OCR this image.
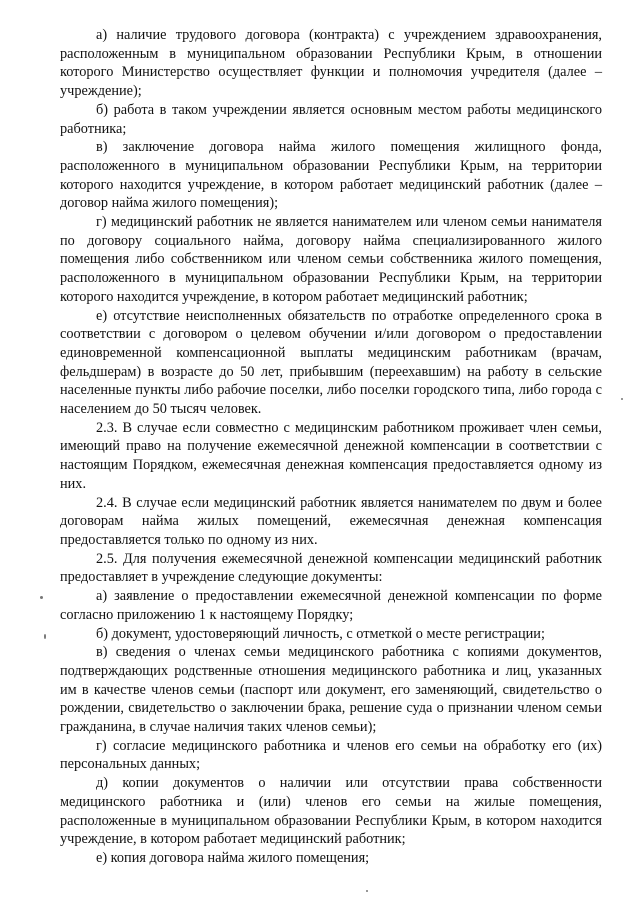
а) наличие трудового договора (контракта) с учреждением здравоохранения, расположенным в муниципальном образовании Республики Крым, в отношении которого Министерство осуществляет функции и полномочия учредителя (далее – учреждение);

б) работа в таком учреждении является основным местом работы медицинского работника;

в) заключение договора найма жилого помещения жилищного фонда, расположенного в муниципальном образовании Республики Крым, на территории которого находится учреждение, в котором работает медицинский работник (далее – договор найма жилого помещения);

г) медицинский работник не является нанимателем или членом семьи нанимателя по договору социального найма, договору найма специализированного жилого помещения либо собственником или членом семьи собственника жилого помещения, расположенного в муниципальном образовании Республики Крым, на территории которого находится учреждение, в котором работает медицинский работник;

е) отсутствие неисполненных обязательств по отработке определенного срока в соответствии с договором о целевом обучении и/или договором о предоставлении единовременной компенсационной выплаты медицинским работникам (врачам, фельдшерам) в возрасте до 50 лет, прибывшим (переехавшим) на работу в сельские населенные пункты либо рабочие поселки, либо поселки городского типа, либо города с населением до 50 тысяч человек.

2.3. В случае если совместно с медицинским работником проживает член семьи, имеющий право на получение ежемесячной денежной компенсации в соответствии с настоящим Порядком, ежемесячная денежная компенсация предоставляется одному из них.

2.4. В случае если медицинский работник является нанимателем по двум и более договорам найма жилых помещений, ежемесячная денежная компенсация предоставляется только по одному из них.

2.5. Для получения ежемесячной денежной компенсации медицинский работник предоставляет в учреждение следующие документы:

а) заявление о предоставлении ежемесячной денежной компенсации по форме согласно приложению 1 к настоящему Порядку;

б) документ, удостоверяющий личность, с отметкой о месте регистрации;

в) сведения о членах семьи медицинского работника с копиями документов, подтверждающих родственные отношения медицинского работника и лиц, указанных им в качестве членов семьи (паспорт или документ, его заменяющий, свидетельство о рождении, свидетельство о заключении брака, решение суда о признании членом семьи гражданина, в случае наличия таких членов семьи);

г) согласие медицинского работника и членов его семьи на обработку его (их) персональных данных;

д) копии документов о наличии или отсутствии права собственности медицинского работника и (или) членов его семьи на жилые помещения, расположенные в муниципальном образовании Республики Крым, в котором находится учреждение, в котором работает медицинский работник;

е) копия договора найма жилого помещения;
